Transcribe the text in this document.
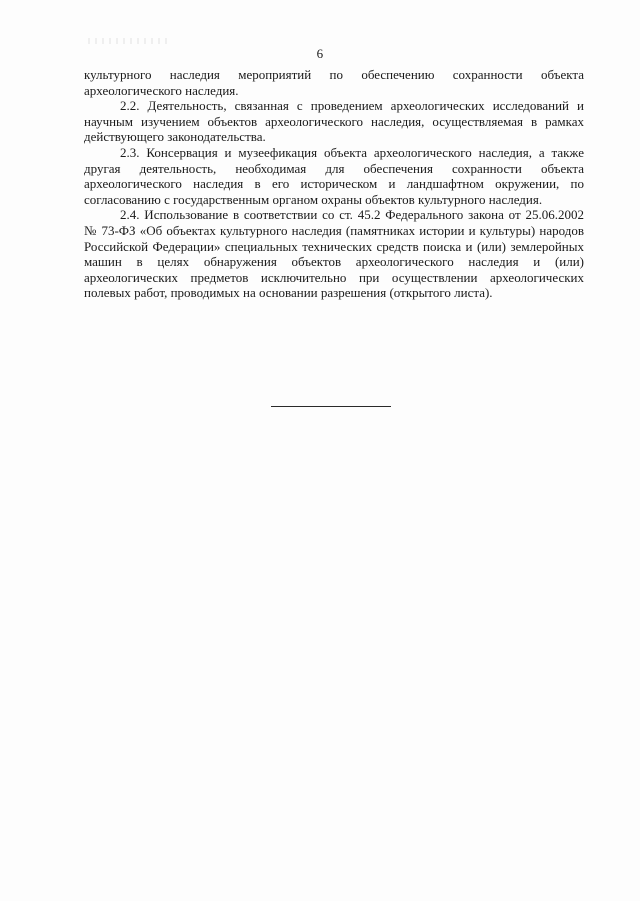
6

культурного наследия мероприятий по обеспечению сохранности объекта археологического наследия.

2.2. Деятельность, связанная с проведением археологических исследований и научным изучением объектов археологического наследия, осуществляемая в рамках действующего законодательства.

2.3. Консервация и музеефикация объекта археологического наследия, а также другая деятельность, необходимая для обеспечения сохранности объекта археологического наследия в его историческом и ландшафтном окружении, по согласованию с государственным органом охраны объектов культурного наследия.

2.4. Использование в соответствии со ст. 45.2 Федерального закона от 25.06.2002 № 73-ФЗ «Об объектах культурного наследия (памятниках истории и культуры) народов Российской Федерации» специальных технических средств поиска и (или) землеройных машин в целях обнаружения объектов археологического наследия и (или) археологических предметов исключительно при осуществлении археологических полевых работ, проводимых на основании разрешения (открытого листа).
